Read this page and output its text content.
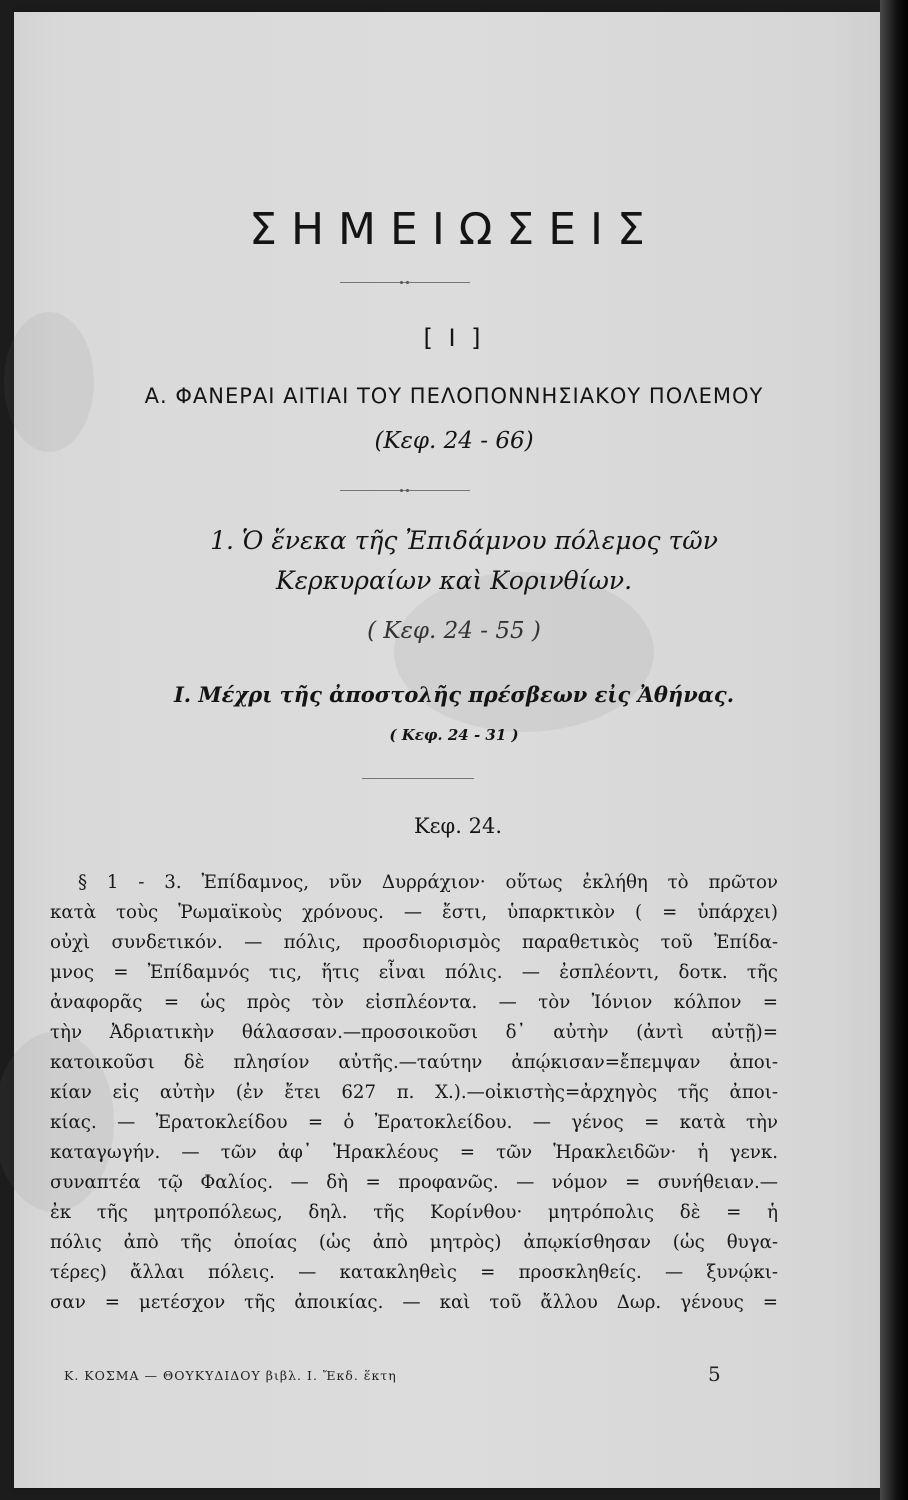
ΣΗΜΕΙΩΣΕΙΣ
[ I ]
Α. ΦΑΝΕΡΑΙ ΑΙΤΙΑΙ ΤΟΥ ΠΕΛΟΠΟΝΝΗΣΙΑΚΟΥ ΠΟΛΕΜΟΥ
(Κεφ. 24 - 66)
1. Ὁ ἕνεκα τῆς Ἐπιδάμνου πόλεμος τῶν
Κερκυραίων καὶ Κορινθίων.
( Κεφ. 24 - 55 )
I. Μέχρι τῆς ἀποστολῆς πρέσβεων εἰς Ἀθήνας.
( Κεφ. 24 - 31 )
Κεφ. 24.
§ 1 - 3. Ἐπίδαμνος, νῦν Δυρράχιον· οὕτως ἐκλήθη τὸ πρῶτον
κατὰ τοὺς Ῥωμαϊκοὺς χρόνους. — ἔστι, ὑπαρκτικὸν ( = ὑπάρχει)
οὐχὶ συνδετικόν. — πόλις, προσδιορισμὸς παραθετικὸς τοῦ Ἐπίδα-
μνος = Ἐπίδαμνός τις, ἥτις εἶναι πόλις. — ἐσπλέοντι, δοτκ. τῆς
ἀναφορᾶς = ὡς πρὸς τὸν εἰσπλέοντα. — τὸν Ἰόνιον κόλπον =
τὴν Ἀδριατικὴν θάλασσαν.—προσοικοῦσι δ᾽ αὐτὴν (ἀντὶ αὐτῇ)=
κατοικοῦσι δὲ πλησίον αὐτῆς.—ταύτην ἀπῴκισαν=ἔπεμψαν ἀποι-
κίαν εἰς αὐτὴν (ἐν ἔτει 627 π. Χ.).—οἰκιστὴς=ἀρχηγὸς τῆς ἀποι-
κίας. — Ἐρατοκλείδου = ὁ Ἐρατοκλείδου. — γένος = κατὰ τὴν
καταγωγήν. — τῶν ἀφ᾽ Ἡρακλέους = τῶν Ἡρακλειδῶν· ἡ γενκ.
συναπτέα τῷ Φαλίος. — δὴ = προφανῶς. — νόμον = συνήθειαν.—
ἐκ τῆς μητροπόλεως, δηλ. τῆς Κορίνθου· μητρόπολις δὲ = ἡ
πόλις ἀπὸ τῆς ὁποίας (ὡς ἀπὸ μητρὸς) ἀπῳκίσθησαν (ὡς θυγα-
τέρες) ἄλλαι πόλεις. — κατακληθεὶς = προσκληθείς. — ξυνῴκι-
σαν = μετέσχον τῆς ἀποικίας. — καὶ τοῦ ἄλλου Δωρ. γένους =
Κ. ΚΟΣΜΑ — ΘΟΥΚΥΔΙΔΟΥ βιβλ. Ι. Ἔκδ. ἕκτη	5
